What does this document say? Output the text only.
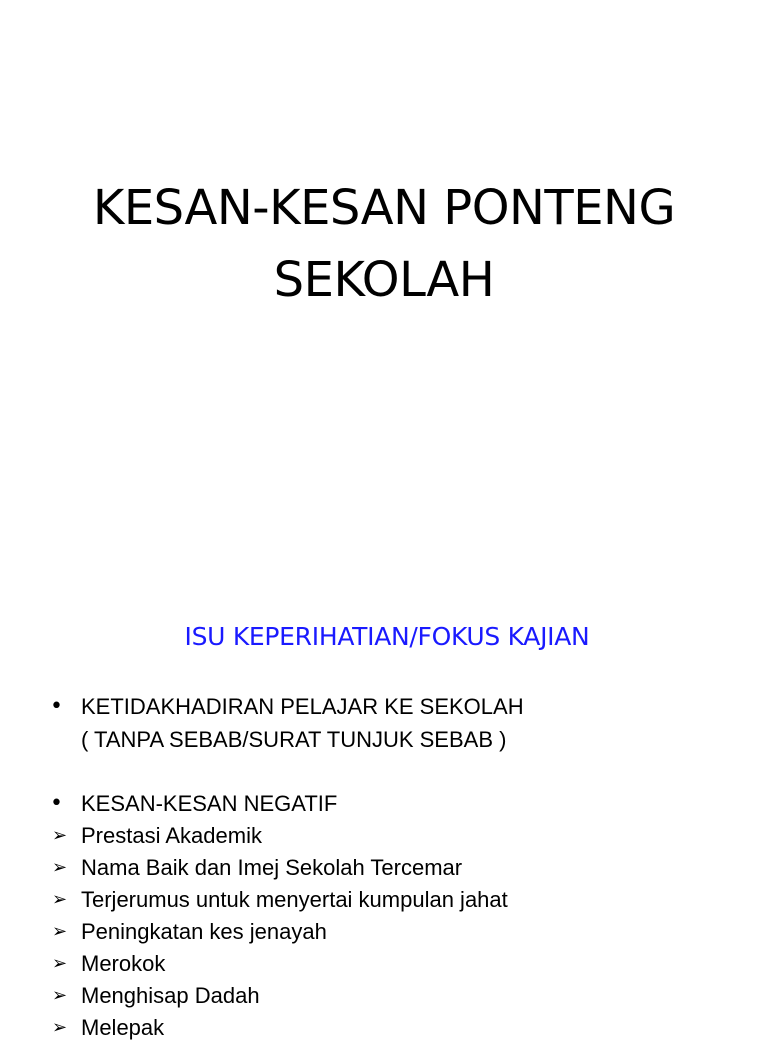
KESAN-KESAN PONTENG
SEKOLAH
ISU KEPERIHATIAN/FOKUS KAJIAN
• KETIDAKHADIRAN PELAJAR KE SEKOLAH
( TANPA SEBAB/SURAT TUNJUK SEBAB )
• KESAN-KESAN NEGATIF
➢ Prestasi Akademik
➢ Nama Baik dan Imej Sekolah Tercemar
➢ Terjerumus untuk menyertai kumpulan jahat
➢ Peningkatan kes jenayah
➢ Merokok
➢ Menghisap Dadah
➢ Melepak
